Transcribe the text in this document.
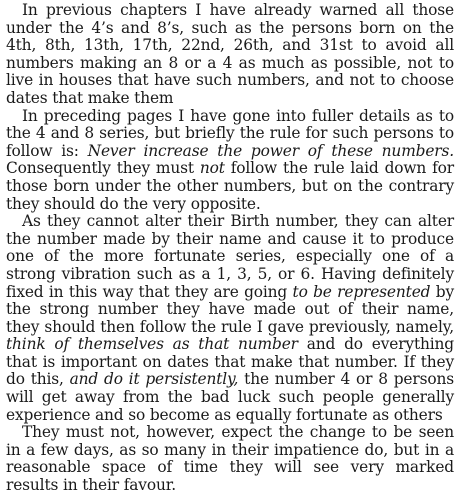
In previous chapters I have already warned all those under the 4’s and 8’s, such as the persons born on the 4th, 8th, 13th, 17th, 22nd, 26th, and 31st to avoid all numbers making an 8 or a 4 as much as possible, not to live in houses that have such numbers, and not to choose dates that make them

In preceding pages I have gone into fuller details as to the 4 and 8 series, but briefly the rule for such persons to follow is: Never increase the power of these numbers. Consequently they must not follow the rule laid down for those born under the other numbers, but on the contrary they should do the very opposite.

As they cannot alter their Birth number, they can alter the number made by their name and cause it to produce one of the more fortunate series, especially one of a strong vibration such as a 1, 3, 5, or 6. Having definitely fixed in this way that they are going to be represented by the strong number they have made out of their name, they should then follow the rule I gave previously, namely, think of themselves as that number and do everything that is important on dates that make that number. If they do this, and do it persistently, the number 4 or 8 persons will get away from the bad luck such people generally experience and so become as equally fortunate as others

They must not, however, expect the change to be seen in a few days, as so many in their impatience do, but in a reasonable space of time they will see very marked results in their favour.
